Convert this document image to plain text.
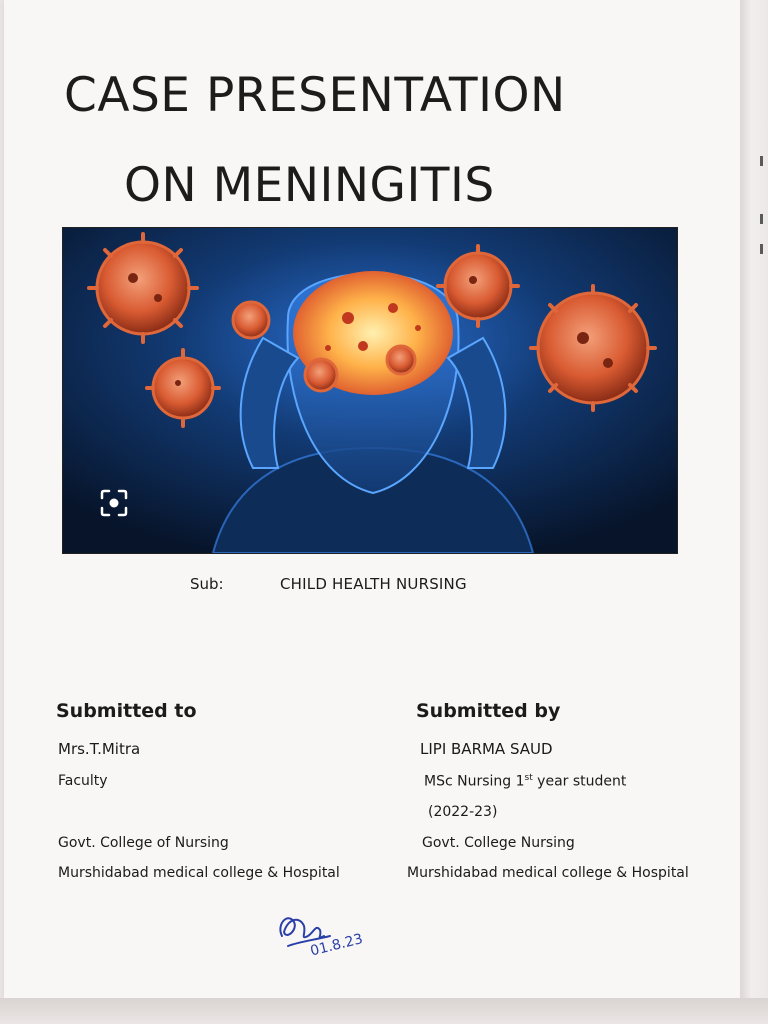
CASE PRESENTATION
ON MENINGITIS
Sub:	CHILD HEALTH NURSING
Submitted to
Mrs.T.Mitra
Faculty
Govt. College of Nursing
Murshidabad medical college & Hospital
Submitted by
LIPI BARMA SAUD
MSc Nursing 1st year student
(2022-23)
Govt. College Nursing
Murshidabad medical college & Hospital
01.8.23
